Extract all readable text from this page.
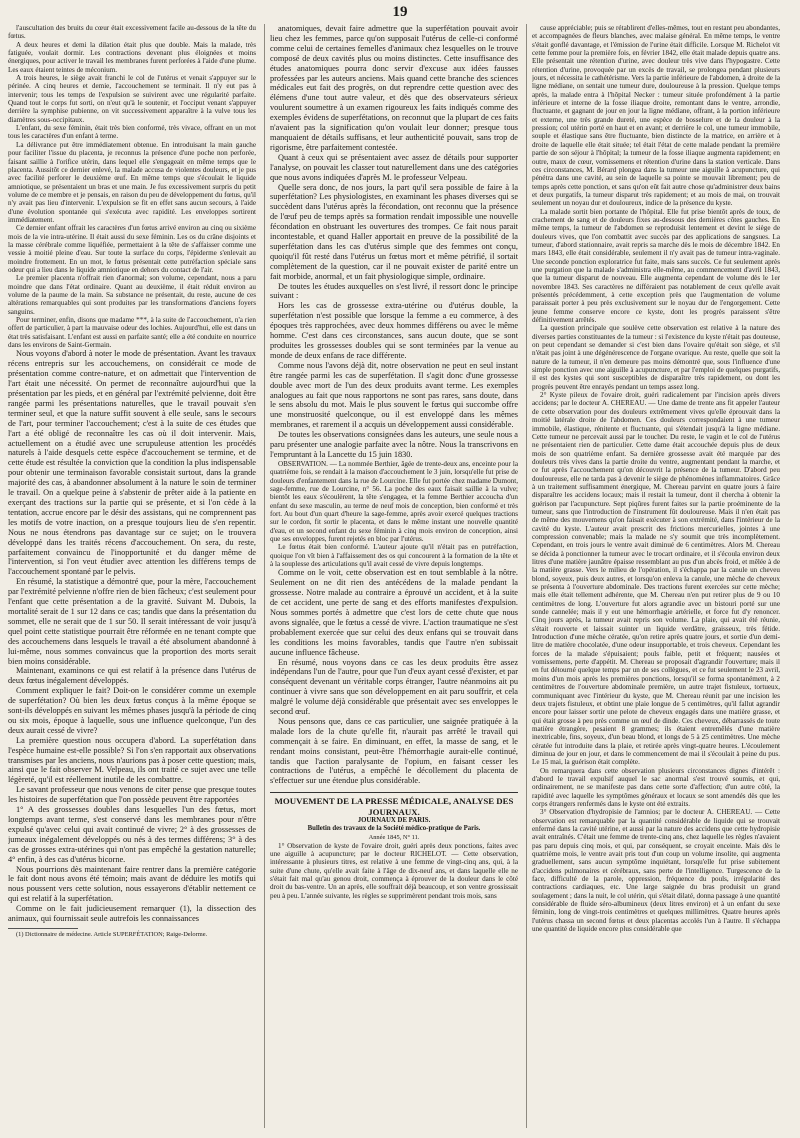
19

l'auscultation des bruits du cœur était excessivement facile au-dessous de la tête du fœtus.

A deux heures et demi la dilation était plus que double. Mais la malade, très fatiguée, voulait dormir. Les contractions devenant plus éloignées et moins énergiques, pour activer le travail les membranes furent perforées à l'aide d'une plume. Les eaux étaient teintes de méconium.

A trois heures, le siège avait franchi le col de l'utérus et venait s'appuyer sur le périnée. A cinq heures et demie, l'accouchement se terminait. Il n'y eut pas à intervenir; tous les temps de l'expulsion se suivirent avec une régularité parfaite. Quand tout le corps fut sorti, on n'eut qu'à le soutenir, et l'occiput venant s'appuyer derrière la symphise pubienne, on vit successivement apparaître à la vulve tous les diamètres sous-occipitaux.

L'enfant, du sexe féminin, était très bien conformé, très vivace, offrant en un mot tous les caractères d'un enfant à terme.

La délivrance put être immédiatement obtenue. En introduisant la main gauche pour faciliter l'issue du placenta, je reconnus la présence d'une poche non perforée, faisant saillie à l'orifice utérin, dans lequel elle s'engageait en même temps que le placenta. Aussitôt ce dernier enlevé, la malade accusa de violentes douleurs, et je pus avec facilité perforer le deuxième œuf. En même temps que s'écoulait le liquide amniotique, se présentaient un bras et une main. Je fus excessivement surpris du petit volume de ce membre et je pensais, en raison du peu de développement du fœtus, qu'il n'y avait pas lieu d'intervenir. L'expulsion se fit en effet sans aucun secours, à l'aide d'une évolution spontanée qui s'exécuta avec rapidité. Les enveloppes sortirent immédiatement.

Ce dernier enfant offrait les caractères d'un fœtus arrivé environ au cinq ou sixième mois de la vie intra-utérine. Il était aussi du sexe féminin. Les os du crâne disjoints et la masse cérébrale comme liquéfiée, permettaient à la tête de s'affaisser comme une vessie à moitié pleine d'eau. Sur toute la surface du corps, l'épiderme s'enlevait au moindre frottement. En un mot, le fœtus présentait cette putréfaction spéciale sans odeur qui a lieu dans le liquide amniotique en dehors du contact de l'air.

Le premier placenta n'offrait rien d'anormal; son volume, cependant, nous a paru moindre que dans l'état ordinaire. Quant au deuxième, il était réduit environ au volume de la paume de la main. Sa substance ne présentait, du reste, aucune de ces altérations remarquables qui sont produites par les transformations d'anciens foyers sanguins.

Pour terminer, enfin, disons que madame ***, à la suite de l'accouchement, n'a rien offert de particulier, à part la mauvaise odeur des lochies. Aujourd'hui, elle est dans un état très satisfaisant. L'enfant est aussi en parfaite santé; elle a été conduite en nourrice dans les environs de Saint-Germain.

Nous voyons d'abord à noter le mode de présentation. Avant les travaux récens entrepris sur les accouchemens, on considérait ce mode de présentation comme contre-nature, et on admettait que l'intervention de l'art était une nécessité. On permet de reconnaître aujourd'hui que la présentation par les pieds, et en général par l'extrémité pelvienne, doit être rangée parmi les présentations naturelles, que le travail pouvait s'en terminer seul, et que la nature suffit souvent à elle seule, sans le secours de l'art, pour terminer l'accouchement; c'est à la suite de ces études que l'art a été obligé de reconnaître les cas où il doit intervenir. Mais, actuellement on a étudié avec une scrupuleuse attention les procédés naturels à l'aide desquels cette espèce d'accouchement se termine, et de cette étude est résultée la conviction que la condition la plus indispensable pour obtenir une terminaison favorable consistait surtout, dans la grande majorité des cas, à abandonner absolument à la nature le soin de terminer le travail. On a quelque peine à s'abstenir de prêter aide à la patiente en exerçant des tractions sur la partie qui se présente, et si l'on cède à la tentation, accrue encore par le désir des assistans, qui ne comprennent pas les motifs de votre inaction, on a presque toujours lieu de s'en repentir. Nous ne nous étendrons pas davantage sur ce sujet; on le trouvera développé dans les traités récens d'accouchement. On sera, du reste, parfaitement convaincu de l'inopportunité et du danger même de l'intervention, si l'on veut étudier avec attention les différens temps de l'accouchement spontané par le pelvis.

En résumé, la statistique a démontré que, pour la mère, l'accouchement par l'extrémité pelvienne n'offre rien de bien fâcheux; c'est seulement pour l'enfant que cette présentation a de la gravité. Suivant M. Dubois, la mortalité serait de 1 sur 12 dans ce cas; tandis que dans la présentation du sommet, elle ne serait que de 1 sur 50. Il serait intéressant de voir jusqu'à quel point cette statistique pourrait être réformée en ne tenant compte que des accouchemens dans lesquels le travail a été absolument abandonné à lui-même, nous sommes convaincus que la proportion des morts serait bien moins considérable.

Maintenant, examinons ce qui est relatif à la présence dans l'utérus de deux fœtus inégalement développés.

Comment expliquer le fait? Doit-on le considérer comme un exemple de superfétation? Où bien les deux fœtus conçus à la même époque se sont-ils développés en suivant les mêmes phases jusqu'à la période de cinq ou six mois, époque à laquelle, sous une influence quelconque, l'un des deux aurait cessé de vivre?

La première question nous occupera d'abord. La superfétation dans l'espèce humaine est-elle possible? Si l'on s'en rapportait aux observations transmises par les anciens, nous n'aurions pas à poser cette question; mais, ainsi que le fait observer M. Velpeau, ils ont traité ce sujet avec une telle légèreté, qu'il est réellement inutile de les combattre.

Le savant professeur que nous venons de citer pense que presque toutes les histoires de superfétation que l'on possède peuvent être rapportées

1° A des grossesses doubles dans lesquelles l'un des fœtus, mort longtemps avant terme, s'est conservé dans les membranes pour n'être expulsé qu'avec celui qui avait continué de vivre; 2° à des grossesses de jumeaux inégalement développés ou nés à des termes différens; 3° à des cas de grosses extra-utérines qui n'ont pas empêché la gestation naturelle; 4° enfin, à des cas d'utérus bicorne.

Nous pourrions dès maintenant faire rentrer dans la première catégorie le fait dont nous avons été témoin; mais avant de déduire les motifs qui nous poussent vers cette solution, nous essayerons d'établir nettement ce qui est relatif à la superfétation.

Comme on le fait judicieusement remarquer (1), la dissection des animaux, qui fournissait seule autrefois les connaissances

(1) Dictionnaire de médecine. Article SUPERFÉTATION; Raige-Delorme.

anatomiques, devait faire admettre que la superfétation pouvait avoir lieu chez les femmes, parce qu'on supposait l'utérus de celle-ci conformé comme celui de certaines femelles d'animaux chez lesquelles on le trouve composé de deux cavités plus ou moins distinctes. Cette insuffisance des études anatomiques pourra donc servir d'excuse aux idées fausses professées par les auteurs anciens. Mais quand cette branche des sciences médicales eut fait des progrès, on dut reprendre cette question avec des élémens d'une tout autre valeur, et dès que des observateurs sérieux voulurent soumettre à un examen rigoureux les faits indiqués comme des exemples évidens de superfétations, on reconnut que la plupart de ces faits n'avaient pas la signification qu'on voulait leur donner; presque tous manquaient de détails suffisans, et leur authenticité pouvait, sans trop de rigorisme, être parfaitement contestée.

Quant à ceux qui se présentaient avec assez de détails pour supporter l'analyse, on pouvait les classer tout naturellement dans une des catégories que nous avons indiquées d'après M. le professeur Velpeau.

Quelle sera donc, de nos jours, la part qu'il sera possible de faire à la superfétation? Les physiologistes, en examinant les phases diverses qui se succèdent dans l'utérus après la fécondation, ont reconnu que la présence de l'œuf peu de temps après sa formation rendait impossible une nouvelle fécondation en obstruant les ouvertures des trompes. Ce fait nous parait incontestable, et quand Haller apportait en preuve de la possibilité de la superfétation dans les cas d'utérus simple que des femmes ont conçu, quoiqu'il fût resté dans l'utérus un fœtus mort et même pétrifié, il sortait complètement de la question, car il ne pouvait exister de parité entre un fait morbide, anormal, et un fait physiologique simple, ordinaire.

De toutes les études auxquelles on s'est livré, il ressort donc le principe suivant :

Hors les cas de grossesse extra-utérine ou d'utérus double, la superfétation n'est possible que lorsque la femme a eu commerce, à des époques très rapprochées, avec deux hommes différens ou avec le même homme. C'est dans ces circonstances, sans aucun doute, que se sont produites les grossesses doubles qui se sont terminées par la venue au monde de deux enfans de race différente.

Comme nous l'avons déjà dit, notre observation ne peut en seul instant être rangée parmi les cas de superfétation. Il s'agit donc d'une grossesse double avec mort de l'un des deux produits avant terme. Les exemples analogues au fait que nous rapportons ne sont pas rares, sans doute, dans le sens absolu du mot. Mais le plus souvent le fœtus qui succombe offre une monstruosité quelconque, ou il est enveloppé dans les mêmes membranes, et rarement il a acquis un développement aussi considérable.

De toutes les observations consignées dans les auteurs, une seule nous a paru présenter une analogie parfaite avec la nôtre. Nous la transcrivons en l'empruntant à la Lancette du 15 juin 1830.

OBSERVATION. — La nommée Berthier, âgée de trente-deux ans, enceinte pour la quatrième fois, se rendait à la maison d'accouchement le 3 juin, lorsqu'elle fut prise de douleurs d'enfantement dans la rue de Lourcine. Elle fut portée chez madame Dumont, sage-femme, rue de Lourcine, n° 56. La poche des eaux faisait saillie à la vulve; bientôt les eaux s'écoulèrent, la tête s'engagea, et la femme Berthier accoucha d'un enfant du sexe masculin, au terme de neuf mois de conception, bien conformé et très fort. Au bout d'un quart d'heure la sage-femme, après avoir exercé quelques tractions sur le cordon, fit sortir le placenta, et dans le même instant une nouvelle quantité d'eau, et un second enfant du sexe féminin à cinq mois environ de conception, ainsi que ses enveloppes, furent rejetés en bloc par l'utérus.

Le fœtus était bien conformé. L'auteur ajoute qu'il n'était pas en putréfaction, quoique l'on vît bien à l'affaissement des os qui concourent à la formation de la tête et à la souplesse des articulations qu'il avait cessé de vivre depuis longtemps.

Comme on le voit, cette observation est en tout semblable à la nôtre. Seulement on ne dit rien des antécédens de la malade pendant la grossesse. Notre malade au contraire a éprouvé un accident, et à la suite de cet accident, une perte de sang et des efforts manifestes d'expulsion. Nous sommes portés à admettre que c'est lors de cette chute que nous avons signalée, que le fœtus a cessé de vivre. L'action traumatique ne s'est probablement exercée que sur celui des deux enfans qui se trouvait dans les conditions les moins favorables, tandis que l'autre n'en subissait aucune influence fâcheuse.

En résumé, nous voyons dans ce cas les deux produits être assez indépendans l'un de l'autre, pour que l'un d'eux ayant cessé d'exister, et par conséquent devenant un véritable corps étranger, l'autre néanmoins ait pu continuer à vivre sans que son développement en ait paru souffrir, et cela malgré le volume déjà considérable que présentait avec ses enveloppes le second œuf.

Nous pensons que, dans ce cas particulier, une saignée pratiquée à la malade lors de la chute qu'elle fit, n'aurait pas arrêté le travail qui commençait à se faire. En diminuant, en effet, la masse de sang, et le rendant moins consistant, peut-être l'hémorrhagie aurait-elle continué, tandis que l'action paralysante de l'opium, en faisant cesser les contractions de l'utérus, a empêché le décollement du placenta de s'effectuer sur une étendue plus considérable.

MOUVEMENT DE LA PRESSE MÉDICALE, ANALYSE DES JOURNAUX.

JOURNAUX DE PARIS.

Bulletin des travaux de la Société médico-pratique de Paris.

Année 1845, N° 11.

1° Observation de kyste de l'ovaire droit, guéri après deux ponctions, faites avec une aiguille à acupuncture; par le docteur RICHELOT. — Cette observation, intéressante à plusieurs titres, est relative à une femme de vingt-cinq ans, qui, à la suite d'une chute, qu'elle avait faite à l'âge de dix-neuf ans, et dans laquelle elle ne s'était fait mal qu'au genou droit, commença à éprouver de la douleur dans le côté droit du bas-ventre. Un an après, elle souffrait déjà beaucoup, et son ventre grossissait peu à peu. L'année suivante, les règles se supprimèrent pendant trois mois, sans

cause appréciable; puis se rétablirent d'elles-mêmes, tout en restant peu abondantes, et accompagnées de fleurs blanches, avec malaise général. En même temps, le ventre s'était gonflé davantage, et l'émission de l'urine était difficile. Lorsque M. Richelot vit cette femme pour la première fois, en février 1842, elle était malade depuis quatre ans. Elle présentait une rétention d'urine, avec douleur très vive dans l'hypogastre. Cette rétention d'urine, provoquée par un excès de travail, se prolongea pendant plusieurs jours, et nécessita le cathétérisme. Vers la partie inférieure de l'abdomen, à droite de la ligne médiane, on sentait une tumeur dure, douloureuse à la pression. Quelque temps après, la malade entra à l'hôpital Necker : tumeur située profondément à la partie inférieure et interne de la fosse iliaque droite, remontant dans le ventre, arrondie, fluctuante, et gagnant de jour en jour la ligne médiane, offrant, à la portion inférieure et externe, une très grande dureté, une espèce de bosselure et de la douleur à la pression; col utérin porté en haut et en avant; et derrière le col, une tumeur immobile, souple et élastique sans être fluctuante, bien distincte de la matrice, en arrière et à droite de laquelle elle était située; tel était l'état de cette malade pendant la première partie de son séjour à l'hôpital; la tumeur de la fosse iliaque augmenta rapidement; en outre, maux de cœur, vomissemens et rétention d'urine dans la station verticale. Dans ces circonstances, M. Bérard plongea dans la tumeur une aiguille à acupuncture, qui pénétra dans une cavité, au sein de laquelle sa pointe se mouvait librement; peu de temps après cette ponction, et sans qu'on eût fait autre chose qu'administrer deux bains et deux purgatifs, la tumeur disparut très rapidement; et au mois de mai, on trouvait seulement un noyau dur et douloureux, indice de la présence du kyste.

La malade sortit bien portante de l'hôpital. Elle fut prise bientôt après de toux, de crachement de sang et de douleurs fixes au-dessous des dernières côtes gauches. En même temps, la tumeur de l'abdomen se reproduisit lentement et devint le siège de douleurs vives, que l'on combattit avec succès par des applications de sangsues. La tumeur, d'abord stationnaire, avait repris sa marche dès le mois de décembre 1842. En mars 1843, elle était considérable, seulement il n'y avait pas de tumeur intra-vaginale. Une seconde ponction exploratrice fut faite, mais sans succès. Ce fut seulement après une purgation que la malade s'administra elle-même, au commencement d'avril 1843, que la tumeur disparut de nouveau. Elle augmenta cependant de volume dès le 1er novembre 1843. Ses caractères ne différaient pas notablement de ceux qu'elle avait présentés précédemment, à cette exception près que l'augmentation de volume paraissait porter à peu près exclusivement sur le noyau dur de l'engorgement. Cette jeune femme conserve encore ce kyste, dont les progrès paraissent s'être définitivement arrêtés.

La question principale que soulève cette observation est relative à la nature des diverses parties constituantes de la tumeur : si l'existence du kyste n'était pas douteuse, on peut cependant se demander si c'est bien dans l'ovaire qu'était son siège, et s'il n'était pas joint à une dégénérescence de l'organe ovarique. Au reste, quelle que soit la nature de la tumeur, il n'en demeure pas moins démontré que, sous l'influence d'une simple ponction avec une aiguille à acupuncture, et par l'emploi de quelques purgatifs, il est des kystes qui sont susceptibles de disparaître très rapidement, ou dont les progrès peuvent être enrayés pendant un temps assez long.

2° Kyste pileux de l'ovaire droit, guéri radicalement par l'incision après divers accidens; par le docteur A. CHEREAU. — Une dame de trente ans fit appeler l'auteur de cette observation pour des douleurs extrêmement vives qu'elle éprouvait dans la moitié latérale droite de l'abdomen. Ces douleurs correspondaient à une tumeur immobile, élastique, rénitente et fluctuante, qui s'étendait jusqu'à la ligne médiane. Cette tumeur ne percevait aussi par le toucher. Du reste, le vagin et le col de l'utérus ne présentaient rien de particulier. Cette dame était accouchée depuis plus de deux mois de son quatrième enfant. Sa dernière grossesse avait été marquée par des douleurs très vives dans la partie droite du ventre, augmentant pendant la marche, et ce fut après l'accouchement qu'on découvrit la présence de la tumeur. D'abord peu douloureuse, elle ne tarda pas à devenir le siège de phénomènes inflammatoires. Grâce à un traitement suffisamment énergique, M. Chereau parvint en quatre jours à faire disparaître les accidens locaux; mais il restait la tumeur, dont il chercha à obtenir la guérison par l'acupuncture. Sept piqûres furent faites sur la partie proéminente de la tumeur, sans que l'introduction de l'instrument fût douloureuse. Mais il n'en était pas de même des mouvemens qu'on faisait exécuter à son extrémité, dans l'intérieur de la cavité du kyste. L'auteur avait prescrit des frictions mercurielles, jointes à une compression convenable; mais la malade ne s'y soumit que très incomplètement. Cependant, en trois jours le ventre avait diminué de 6 centimètres. Alors M. Chereau se décida à ponctionner la tumeur avec le trocart ordinaire, et il s'écoula environ deux litres d'une matière jaunâtre épaisse ressemblant au pus d'un abcès froid, et mêlée à de la matière grasse. Vers le milieu de l'opération, il s'échappa par la canule un cheveu blond, soyeux, puis deux autres, et lorsqu'on enleva la canule, une mèche de cheveux se présenta à l'ouverture abdominale. Des tractions furent exercées sur cette mèche; mais elle était tellement adhérente, que M. Chereau n'en put retirer plus de 9 ou 10 centimètres de long. L'ouverture fut alors agrandie avec un bistouri porté sur une sonde cannelée; mais il y eut une hémorrhagie artérielle, et force fut d'y renoncer. Cinq jours après, la tumeur avait repris son volume. La plaie, qui avait été réunie, s'était rouverte et laissait suinter un liquide verdâtre, graisseux, très fétide. Introduction d'une mèche cératée, qu'on retire après quatre jours, et sortie d'un demi-litre de matière chocolatée, d'une odeur insupportable, et trois cheveux. Cependant les forces de la malade s'épuisaient; pouls faible, petit et fréquent; nausées et vomissemens, perte d'appétit. M. Chereau se proposait d'agrandir l'ouverture; mais il en fut détourné quelque temps par un de ses collègues, et ce fut seulement le 23 avril, moins d'un mois après les premières ponctions, lorsqu'il se forma spontanément, à 2 centimètres de l'ouverture abdominale première, un autre trajet fistuleux, tortueux, communiquant avec l'intérieur du kyste, que M. Chereau réunit par une incision les deux trajets fistuleux, et obtint une plaie longue de 5 centimètres, qu'il fallut agrandir encore pour laisser sortir une pelote de cheveux engagés dans une matière grasse, et qui était grosse à peu près comme un œuf de dinde. Ces cheveux, débarrassés de toute matière étrangère, pesaient 8 grammes; ils étaient entremêlés d'une matière inextricable, fins, soyeux, d'un beau blond, et longs de 5 à 25 centimètres. Une mèche cératée fut introduite dans la plaie, et retirée après vingt-quatre heures. L'écoulement diminua de jour en jour, et dans le commencement de mai il s'écoulait à peine du pus. Le 15 mai, la guérison était complète.

On remarquera dans cette observation plusieurs circonstances dignes d'intérêt : d'abord le travail expulsif auquel le sac anormal s'est trouvé soumis, et qui, ordinairement, ne se manifeste pas dans cette sorte d'affection; d'un autre côté, la rapidité avec laquelle les symptômes généraux et locaux se sont amendés dès que les corps étrangers renfermés dans le kyste ont été extraits.

3° Observation d'hydropisie de l'amnios; par le docteur A. CHEREAU. — Cette observation est remarquable par la quantité considérable de liquide qui se trouvait enfermé dans la cavité utérine, et aussi par la nature des accidens que cette hydropisie avait entraînés. C'était une femme de trente-cinq ans, chez laquelle les règles n'avaient pas paru depuis cinq mois, et qui, par conséquent, se croyait enceinte. Mais dès le quatrième mois, le ventre avait pris tout d'un coup un volume insolite, qui augmenta graduellement, sans aucun symptôme inquiétant, lorsqu'elle fut prise subitement d'accidens pulmonaires et cérébraux, sans perte de l'intelligence. Turgescence de la face, difficulté de la parole, oppression, fréquence du pouls, irrégularité des contractions cardiaques, etc. Une large saignée du bras produisit un grand soulagement ; dans la nuit, le col utérin, qui s'était dilaté, donna passage à une quantité considérable de fluide séro-albumineux (deux litres environ) et à un enfant du sexe féminin, long de vingt-trois centimètres et quelques millimètres. Quatre heures après l'utérus chassa un second fœtus et deux placentas accolés l'un à l'autre. Il s'échappa une quantité de liquide encore plus considérable que
